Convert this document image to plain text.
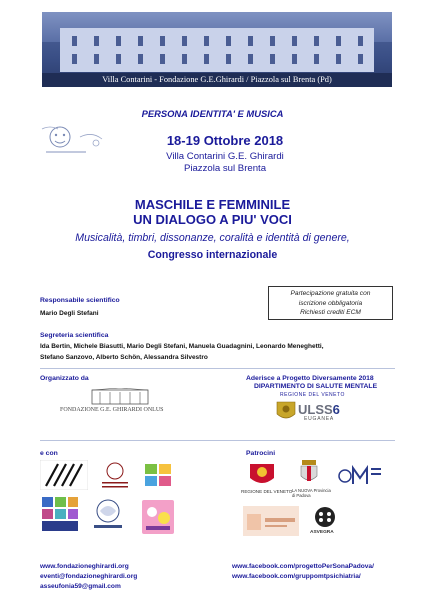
Villa Contarini - Fondazione G.E.Ghirardi / Piazzola sul Brenta (Pd)
PERSONA IDENTITA' E MUSICA
18-19 Ottobre 2018
Villa Contarini G.E. Ghirardi
Piazzola sul Brenta
MASCHILE E FEMMINILE
UN DIALOGO A PIU' VOCI
Musicalità, timbri, dissonanze, coralità e identità di genere,
Congresso internazionale
Partecipazione gratuita con
iscrizione obbligatoria
Richiesti crediti ECM
Responsabile scientifico
Mario Degli Stefani
Segreteria scientifica
Ida Bertin, Michele Biasutti, Mario Degli Stefani, Manuela Guadagnini, Leonardo Meneghetti,
Stefano Sanzovo, Alberto Schön, Alessandra Silvestro
Organizzato da
FONDAZIONE G.E. GHIRARDI ONLUS
Aderisce a Progetto Diversamente 2018
DIPARTIMENTO DI SALUTE MENTALE
REGIONE DEL VENETO
ULSS6
EUGANEA
e con	Patrocini
REGIONE DEL VENETO LA NUOVA Provincia di Padova
ASVEGRA
www.fondazioneghirardi.org
eventi@fondazioneghirardi.org
asseufonia59@gmail.com
www.facebook.com/progettoPerSonaPadova/
www.facebook.com/gruppomtpsichiatria/
